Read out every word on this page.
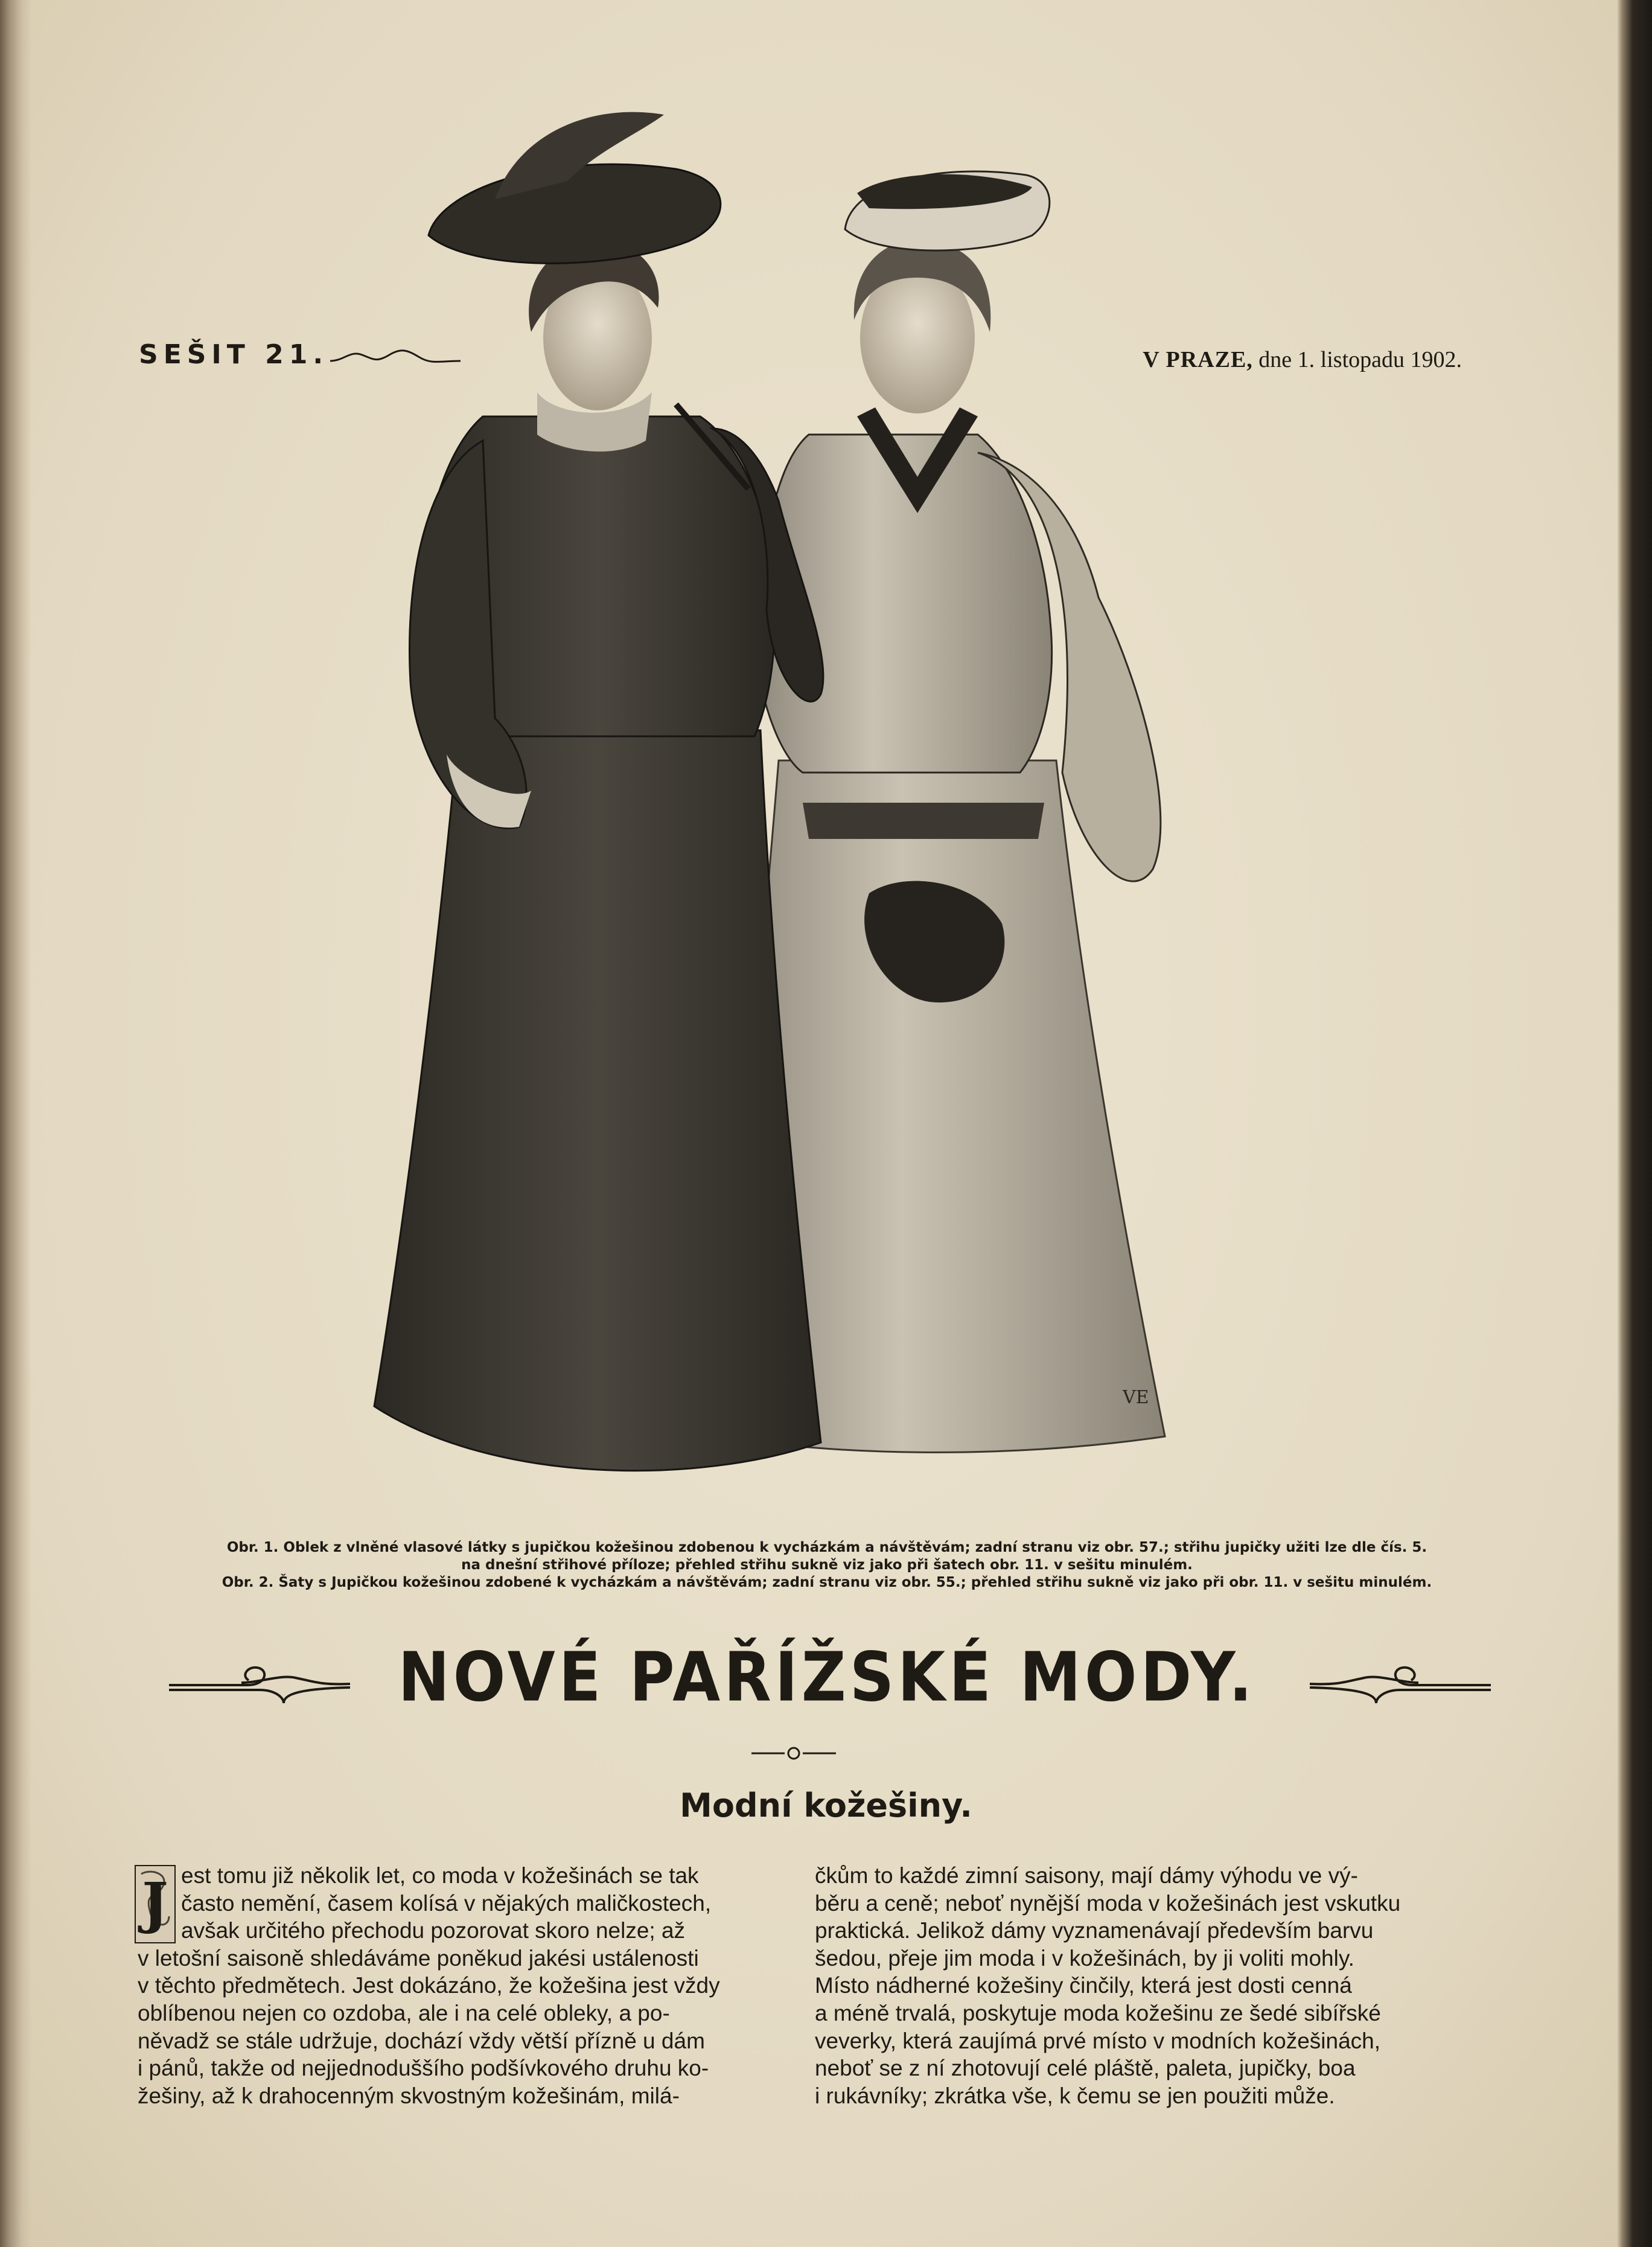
SEŠIT 21.	V PRAZE, dne 1. listopadu 1902.
VE

Obr. 1. Oblek z vlněné vlasové látky s jupičkou kožešinou zdobenou k vycházkám a návštěvám; zadní stranu viz obr. 57.; střihu jupičky užiti lze dle čís. 5.

na dnešní střihové příloze; přehled střihu sukně viz jako při šatech obr. 11. v sešitu minulém.

Obr. 2. Šaty s Jupičkou kožešinou zdobené k vycházkám a návštěvám; zadní stranu viz obr. 55.; přehled střihu sukně viz jako při obr. 11. v sešitu minulém.

NOVÉ PAŘÍŽSKÉ MODY.
Modní kožešiny.
J est tomu již několik let, co moda v kožešinách se tak

často nemění, časem kolísá v nějakých maličkostech,

avšak určitého přechodu pozorovat skoro nelze; až

v letošní saisoně shledáváme poněkud jakési ustálenosti

v těchto předmětech. Jest dokázáno, že kožešina jest vždy

oblíbenou nejen co ozdoba, ale i na celé obleky, a po-

něvadž se stále udržuje, dochází vždy větší přízně u dám

i pánů, takže od nejjednoduššího podšívkového druhu ko-

žešiny, až k drahocenným skvostným kožešinám, milá-

čkům to každé zimní saisony, mají dámy výhodu ve vý-

běru a ceně; neboť nynější moda v kožešinách jest vskutku

praktická. Jelikož dámy vyznamenávají především barvu

šedou, přeje jim moda i v kožešinách, by ji voliti mohly.

Místo nádherné kožešiny činčily, která jest dosti cenná

a méně trvalá, poskytuje moda kožešinu ze šedé sibířské

veverky, která zaujímá prvé místo v modních kožešinách,

neboť se z ní zhotovují celé pláště, paleta, jupičky, boa

i rukávníky; zkrátka vše, k čemu se jen použiti může.
